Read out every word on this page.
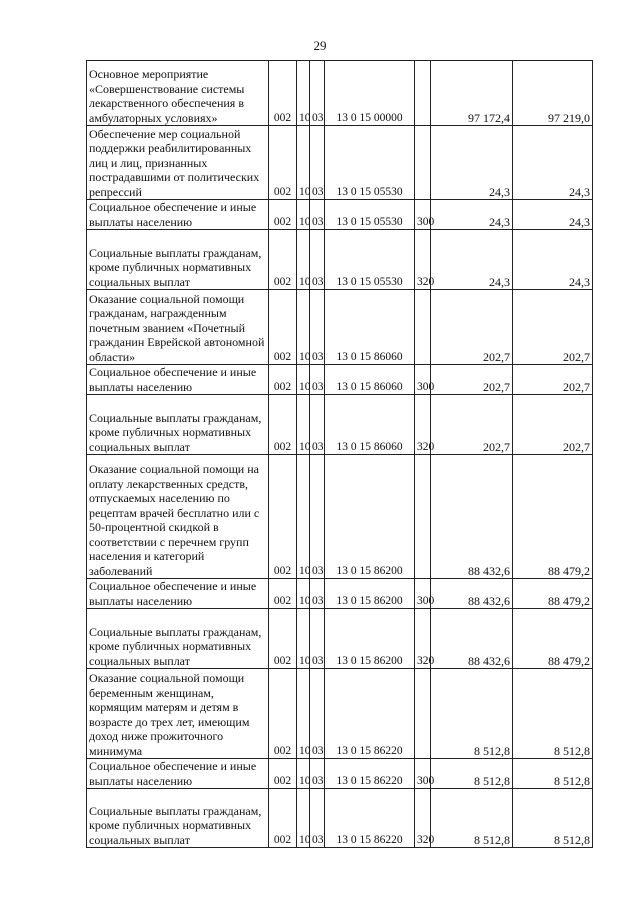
29
Основное мероприятие «Совершенствование системы лекарственного обеспечения в амбулаторных условиях»	002	10	03	13 0 15 00000		97 172,4	97 219,0
Обеспечение мер социальной поддержки реабилитированных лиц и лиц, признанных пострадавшими от политических репрессий	002	10	03	13 0 15 05530		24,3	24,3
Социальное обеспечение и иные выплаты населению	002	10	03	13 0 15 05530	300	24,3	24,3
Социальные выплаты гражданам, кроме публичных нормативных социальных выплат	002	10	03	13 0 15 05530	320	24,3	24,3
Оказание социальной помощи гражданам, награжденным почетным званием «Почетный гражданин Еврейской автономной области»	002	10	03	13 0 15 86060		202,7	202,7
Социальное обеспечение и иные выплаты населению	002	10	03	13 0 15 86060	300	202,7	202,7
Социальные выплаты гражданам, кроме публичных нормативных социальных выплат	002	10	03	13 0 15 86060	320	202,7	202,7
Оказание социальной помощи на оплату лекарственных средств, отпускаемых населению по рецептам врачей бесплатно или с 50-процентной скидкой в соответствии с перечнем групп населения и категорий заболеваний	002	10	03	13 0 15 86200		88 432,6	88 479,2
Социальное обеспечение и иные выплаты населению	002	10	03	13 0 15 86200	300	88 432,6	88 479,2
Социальные выплаты гражданам, кроме публичных нормативных социальных выплат	002	10	03	13 0 15 86200	320	88 432,6	88 479,2
Оказание социальной помощи беременным женщинам, кормящим матерям и детям в возрасте до трех лет, имеющим доход ниже прожиточного минимума	002	10	03	13 0 15 86220		8 512,8	8 512,8
Социальное обеспечение и иные выплаты населению	002	10	03	13 0 15 86220	300	8 512,8	8 512,8
Социальные выплаты гражданам, кроме публичных нормативных социальных выплат	002	10	03	13 0 15 86220	320	8 512,8	8 512,8
